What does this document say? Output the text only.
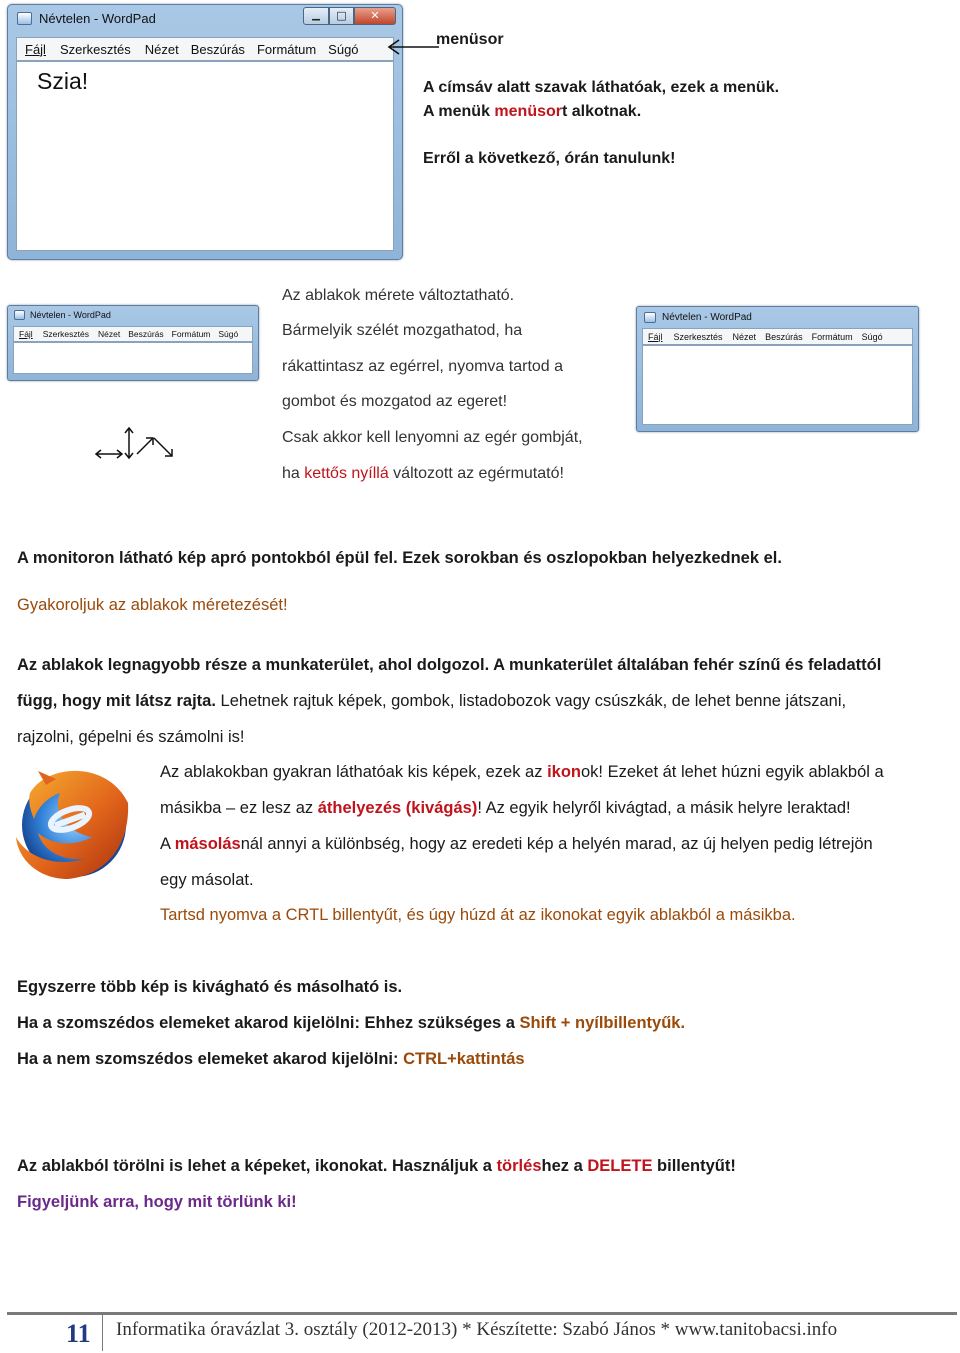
Névtelen - WordPad	▁	□	✕
Fájl Szerkesztés Nézet Beszúrás Formátum Súgó
Szia!
menüsor
A címsáv alatt szavak láthatóak, ezek a menük.
A menük menüsort alkotnak.
Erről a következő, órán tanulunk!
Névtelen - WordPad
Fájl Szerkesztés Nézet Beszúrás Formátum Súgó
Az ablakok mérete változtatható.
Bármelyik szélét mozgathatod, ha
rákattintasz az egérrel, nyomva tartod a
gombot és mozgatod az egeret!
Csak akkor kell lenyomni az egér gombját,
ha kettős nyíllá változott az egérmutató!
Névtelen - WordPad
Fájl Szerkesztés Nézet Beszúrás Formátum Súgó
A monitoron látható kép apró pontokból épül fel. Ezek sorokban és oszlopokban helyezkednek el.
Gyakoroljuk az ablakok méretezését!
Az ablakok legnagyobb része a munkaterület, ahol dolgozol. A munkaterület általában fehér színű és feladattól
függ, hogy mit látsz rajta. Lehetnek rajtuk képek, gombok, listadobozok vagy csúszkák, de lehet benne játszani,
rajzolni, gépelni és számolni is!
Az ablakokban gyakran láthatóak kis képek, ezek az ikonok! Ezeket át lehet húzni egyik ablakból a
másikba – ez lesz az áthelyezés (kivágás)! Az egyik helyről kivágtad, a másik helyre leraktad!
A másolásnál annyi a különbség, hogy az eredeti kép a helyén marad, az új helyen pedig létrejön
egy másolat.
Tartsd nyomva a CRTL billentyűt, és úgy húzd át az ikonokat egyik ablakból a másikba.
Egyszerre több kép is kivágható és másolható is.
Ha a szomszédos elemeket akarod kijelölni: Ehhez szükséges a Shift + nyílbillentyűk.
Ha a nem szomszédos elemeket akarod kijelölni: CTRL+kattintás
Az ablakból törölni is lehet a képeket, ikonokat. Használjuk a törléshez a DELETE billentyűt!
Figyeljünk arra, hogy mit törlünk ki!
11 Informatika óravázlat 3. osztály (2012-2013) * Készítette: Szabó János * www.tanitobacsi.info
